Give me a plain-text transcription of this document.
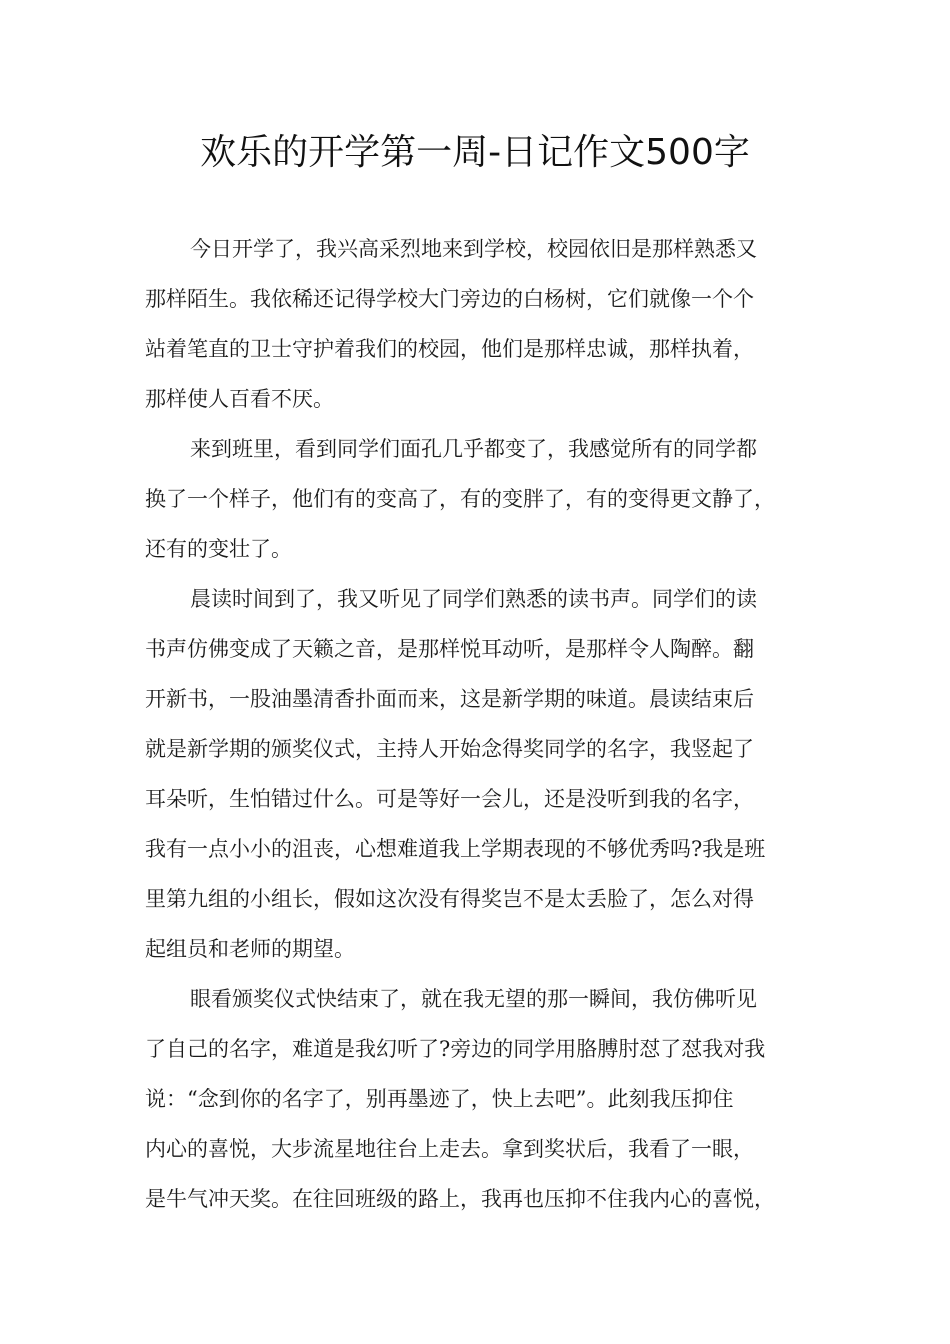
欢乐的开学第一周-日记作文500字
今日开学了，我兴高采烈地来到学校，校园依旧是那样熟悉又
那样陌生。我依稀还记得学校大门旁边的白杨树，它们就像一个个
站着笔直的卫士守护着我们的校园，他们是那样忠诚，那样执着，
那样使人百看不厌。
来到班里，看到同学们面孔几乎都变了，我感觉所有的同学都
换了一个样子，他们有的变高了，有的变胖了，有的变得更文静了，
还有的变壮了。
晨读时间到了，我又听见了同学们熟悉的读书声。同学们的读
书声仿佛变成了天籁之音，是那样悦耳动听，是那样令人陶醉。翻
开新书，一股油墨清香扑面而来，这是新学期的味道。晨读结束后
就是新学期的颁奖仪式，主持人开始念得奖同学的名字，我竖起了
耳朵听，生怕错过什么。可是等好一会儿，还是没听到我的名字，
我有一点小小的沮丧，心想难道我上学期表现的不够优秀吗?我是班
里第九组的小组长，假如这次没有得奖岂不是太丢脸了，怎么对得
起组员和老师的期望。
眼看颁奖仪式快结束了，就在我无望的那一瞬间，我仿佛听见
了自己的名字，难道是我幻听了?旁边的同学用胳膊肘怼了怼我对我
说：“念到你的名字了，别再墨迹了，快上去吧”。此刻我压抑住
内心的喜悦，大步流星地往台上走去。拿到奖状后，我看了一眼，
是牛气冲天奖。在往回班级的路上，我再也压抑不住我内心的喜悦，
